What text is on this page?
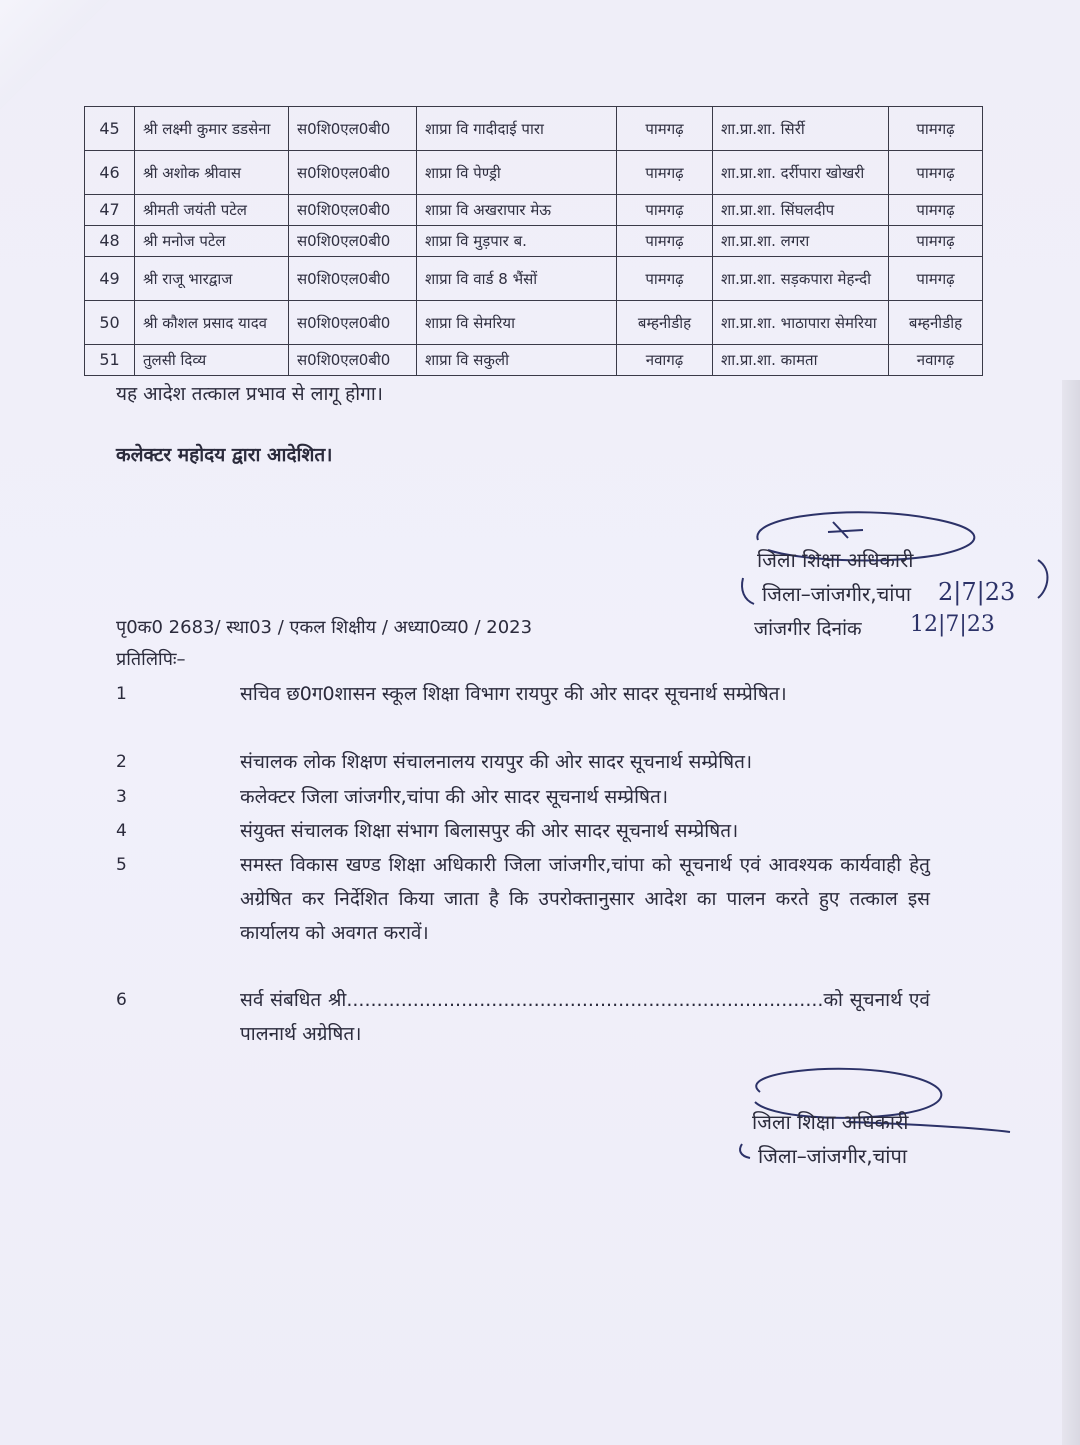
45	श्री लक्ष्मी कुमार डडसेना	स0शि0एल0बी0	शाप्रा वि गादीदाई पारा	पामगढ़	शा.प्रा.शा. सिर्री	पामगढ़
46	श्री अशोक श्रीवास	स0शि0एल0बी0	शाप्रा वि पेण्ड्री	पामगढ़	शा.प्रा.शा. दर्रीपारा खोखरी	पामगढ़
47	श्रीमती जयंती पटेल	स0शि0एल0बी0	शाप्रा वि अखरापार मेऊ	पामगढ़	शा.प्रा.शा. सिंघलदीप	पामगढ़
48	श्री मनोज पटेल	स0शि0एल0बी0	शाप्रा वि मुड़पार ब.	पामगढ़	शा.प्रा.शा. लगरा	पामगढ़
49	श्री राजू भारद्वाज	स0शि0एल0बी0	शाप्रा वि वार्ड 8 भैंसों	पामगढ़	शा.प्रा.शा. सड़कपारा मेहन्दी	पामगढ़
50	श्री कौशल प्रसाद यादव	स0शि0एल0बी0	शाप्रा वि सेमरिया	बम्हनीडीह	शा.प्रा.शा. भाठापारा सेमरिया	बम्हनीडीह
51	तुलसी दिव्य	स0शि0एल0बी0	शाप्रा वि सकुली	नवागढ़	शा.प्रा.शा. कामता	नवागढ़
यह आदेश तत्काल प्रभाव से लागू होगा।
कलेक्टर महोदय द्वारा आदेशित।
जिला शिक्षा अधिकारी
जिला–जांजगीर,चांपा 2|7|23
पृ0क0 2683/ स्था03 / एकल शिक्षीय / अध्या0व्य0 / 2023	जांजगीर दिनांक 12|7|23
प्रतिलिपिः–
1	सचिव छ0ग0शासन स्कूल शिक्षा विभाग रायपुर की ओर सादर सूचनार्थ सम्प्रेषित।
2	संचालक लोक शिक्षण संचालनालय रायपुर की ओर सादर सूचनार्थ सम्प्रेषित।
3	कलेक्टर जिला जांजगीर,चांपा की ओर सादर सूचनार्थ सम्प्रेषित।
4	संयुक्त संचालक शिक्षा संभाग बिलासपुर की ओर सादर सूचनार्थ सम्प्रेषित।
5	समस्त विकास खण्ड शिक्षा अधिकारी जिला जांजगीर,चांपा को सूचनार्थ एवं आवश्यक कार्यवाही हेतु अग्रेषित कर निर्देशित किया जाता है कि उपरोक्तानुसार आदेश का पालन करते हुए तत्काल इस कार्यालय को अवगत करावें।
6	सर्व संबधित श्री...............................................................................को सूचनार्थ एवं पालनार्थ अग्रेषित।
जिला शिक्षा अधिकारी
जिला–जांजगीर,चांपा
